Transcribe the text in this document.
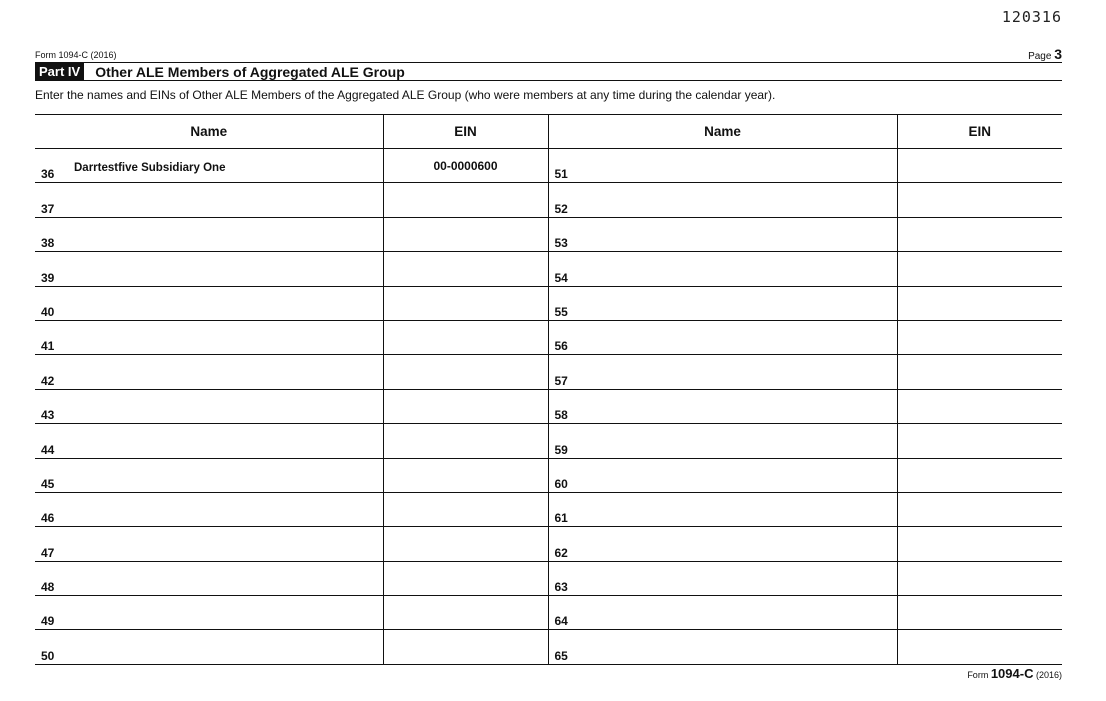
120316
Form 1094-C (2016)	Page 3
Part IV Other ALE Members of Aggregated ALE Group
Enter the names and EINs of Other ALE Members of the Aggregated ALE Group (who were members at any time during the calendar year).
Name	EIN	Name	EIN

36 Darrtestfive Subsidiary One	00-0000600	51	

37		52	

38		53	

39		54	

40		55	

41		56	

42		57	

43		58	

44		59	

45		60	

46		61	

47		62	

48		63	

49		64	

50		65	

Form 1094-C (2016)
